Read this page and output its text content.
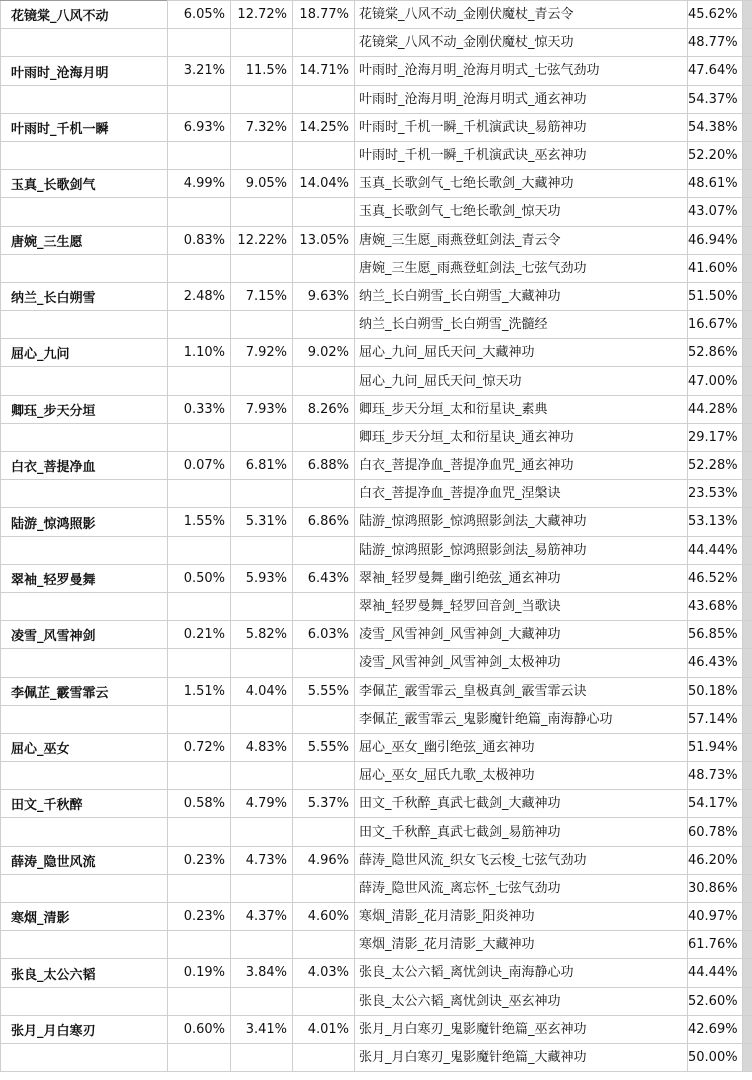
花镜棠_八风不动	6.05%	12.72%	18.77%	花镜棠_八风不动_金刚伏魔杖_青云令		45.62%	
				花镜棠_八风不动_金刚伏魔杖_惊天功		48.77%	
叶雨时_沧海月明	3.21%	11.5%	14.71%	叶雨时_沧海月明_沧海月明式_七弦气劲功		47.64%	
				叶雨时_沧海月明_沧海月明式_通玄神功		54.37%	
叶雨时_千机一瞬	6.93%	7.32%	14.25%	叶雨时_千机一瞬_千机演武诀_易筋神功		54.38%	
				叶雨时_千机一瞬_千机演武诀_巫玄神功		52.20%	
玉真_长歌剑气	4.99%	9.05%	14.04%	玉真_长歌剑气_七绝长歌剑_大藏神功		48.61%	
				玉真_长歌剑气_七绝长歌剑_惊天功		43.07%	
唐婉_三生愿	0.83%	12.22%	13.05%	唐婉_三生愿_雨燕登虹剑法_青云令		46.94%	
				唐婉_三生愿_雨燕登虹剑法_七弦气劲功		41.60%	
纳兰_长白朔雪	2.48%	7.15%	9.63%	纳兰_长白朔雪_长白朔雪_大藏神功		51.50%	
				纳兰_长白朔雪_长白朔雪_洗髓经		16.67%	
屈心_九问	1.10%	7.92%	9.02%	屈心_九问_屈氏天问_大藏神功		52.86%	
				屈心_九问_屈氏天问_惊天功		47.00%	
卿珏_步天分垣	0.33%	7.93%	8.26%	卿珏_步天分垣_太和衍星诀_素典		44.28%	
				卿珏_步天分垣_太和衍星诀_通玄神功		29.17%	
白衣_菩提净血	0.07%	6.81%	6.88%	白衣_菩提净血_菩提净血咒_通玄神功		52.28%	
				白衣_菩提净血_菩提净血咒_涅槃诀		23.53%	
陆游_惊鸿照影	1.55%	5.31%	6.86%	陆游_惊鸿照影_惊鸿照影剑法_大藏神功		53.13%	
				陆游_惊鸿照影_惊鸿照影剑法_易筋神功		44.44%	
翠袖_轻罗曼舞	0.50%	5.93%	6.43%	翠袖_轻罗曼舞_幽引绝弦_通玄神功		46.52%	
				翠袖_轻罗曼舞_轻罗回音剑_当歌诀		43.68%	
凌雪_风雪神剑	0.21%	5.82%	6.03%	凌雪_风雪神剑_风雪神剑_大藏神功		56.85%	
				凌雪_风雪神剑_风雪神剑_太极神功		46.43%	
李佩芷_霰雪霏云	1.51%	4.04%	5.55%	李佩芷_霰雪霏云_皇极真剑_霰雪霏云诀		50.18%	
				李佩芷_霰雪霏云_鬼影魔针绝篇_南海静心功		57.14%	
屈心_巫女	0.72%	4.83%	5.55%	屈心_巫女_幽引绝弦_通玄神功		51.94%	
				屈心_巫女_屈氏九歌_太极神功		48.73%	
田文_千秋醉	0.58%	4.79%	5.37%	田文_千秋醉_真武七截剑_大藏神功		54.17%	
				田文_千秋醉_真武七截剑_易筋神功		60.78%	
薛涛_隐世风流	0.23%	4.73%	4.96%	薛涛_隐世风流_织女飞云梭_七弦气劲功		46.20%	
				薛涛_隐世风流_离忘怀_七弦气劲功		30.86%	
寒烟_清影	0.23%	4.37%	4.60%	寒烟_清影_花月清影_阳炎神功		40.97%	
				寒烟_清影_花月清影_大藏神功		61.76%	
张良_太公六韬	0.19%	3.84%	4.03%	张良_太公六韬_离忧剑诀_南海静心功		44.44%	
				张良_太公六韬_离忧剑诀_巫玄神功		52.60%	
张月_月白寒刃	0.60%	3.41%	4.01%	张月_月白寒刃_鬼影魔针绝篇_巫玄神功		42.69%	
				张月_月白寒刃_鬼影魔针绝篇_大藏神功		50.00%	
